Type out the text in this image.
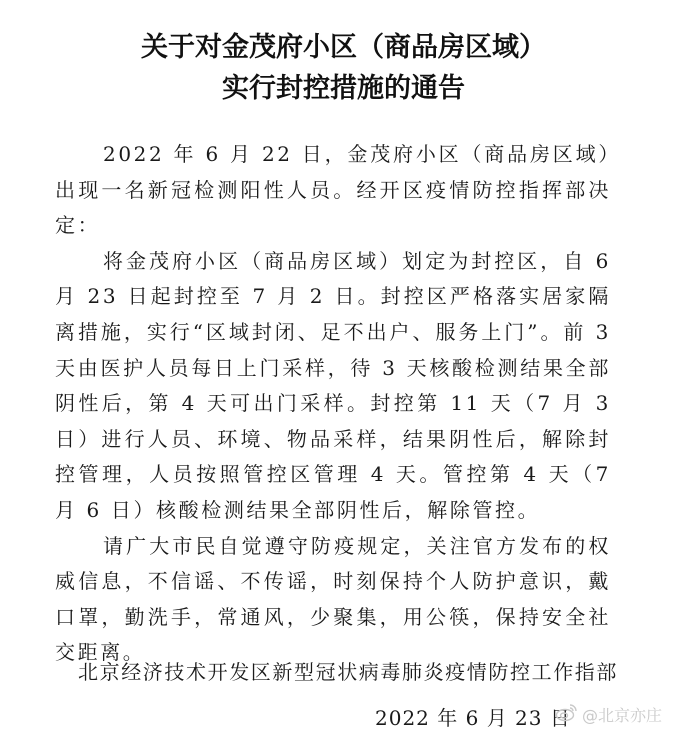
关于对金茂府小区（商品房区域）
实行封控措施的通告

2022 年 6 月 22 日，金茂府小区（商品房区域）出现一名新冠检测阳性人员。经开区疫情防控指挥部决定：

将金茂府小区（商品房区域）划定为封控区，自 6 月 23 日起封控至 7 月 2 日。封控区严格落实居家隔离措施，实行“区域封闭、足不出户、服务上门”。前 3 天由医护人员每日上门采样，待 3 天核酸检测结果全部阴性后，第 4 天可出门采样。封控第 11 天（7 月 3 日）进行人员、环境、物品采样，结果阴性后，解除封控管理，人员按照管控区管理 4 天。管控第 4 天（7 月 6 日）核酸检测结果全部阴性后，解除管控。

请广大市民自觉遵守防疫规定，关注官方发布的权威信息，不信谣、不传谣，时刻保持个人防护意识，戴口罩，勤洗手，常通风，少聚集，用公筷，保持安全社交距离。

北京经济技术开发区新型冠状病毒肺炎疫情防控工作指部
2022 年 6 月 23 日 @北京亦庄
